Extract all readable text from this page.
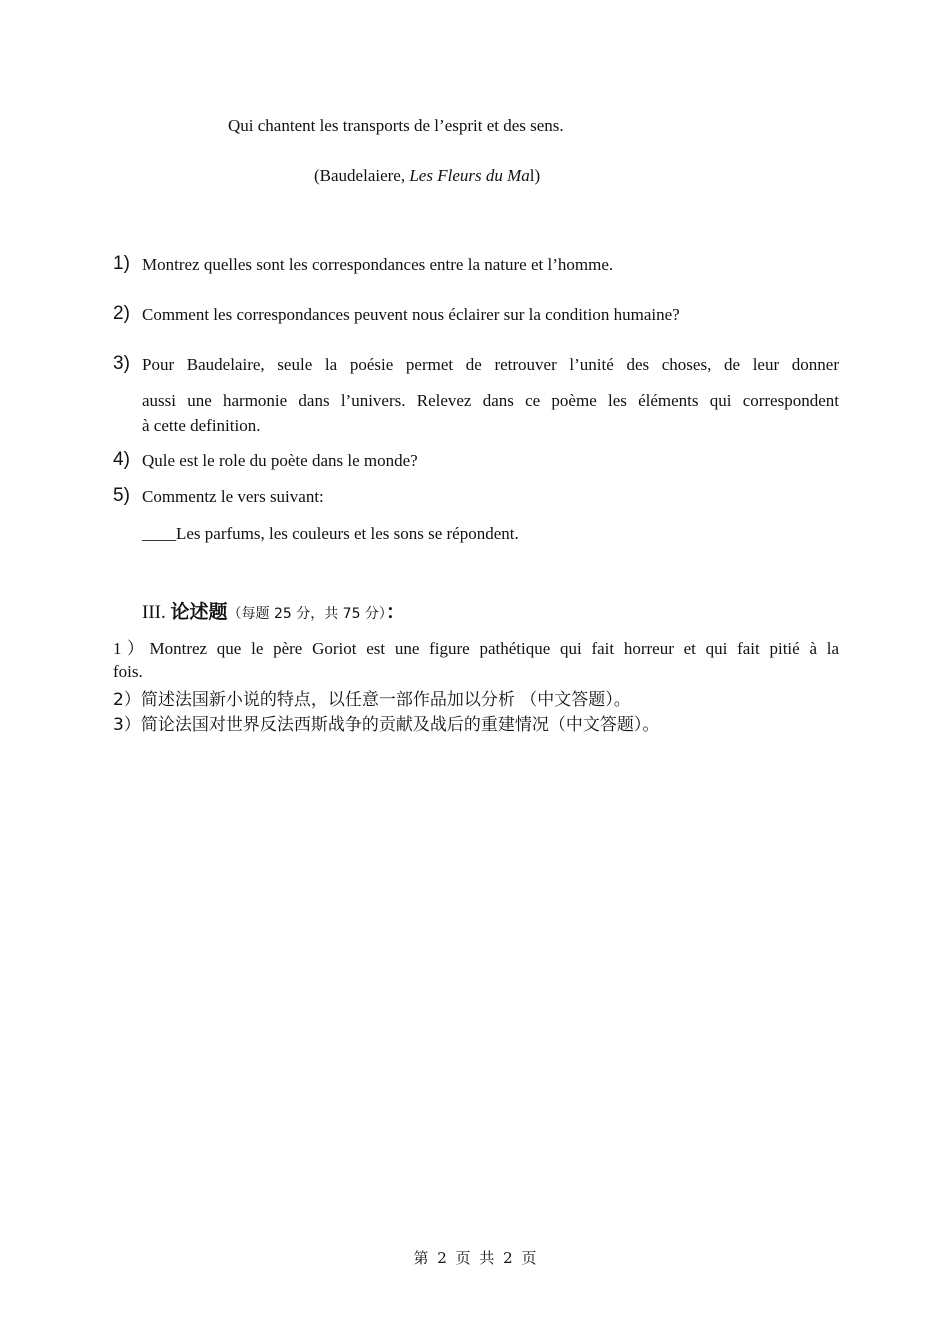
Qui chantent les transports de l’esprit et des sens.
(Baudelaiere, Les Fleurs du Mal)
1) Montrez quelles sont les correspondances entre la nature et l’homme.
2) Comment les correspondances peuvent nous éclairer sur la condition humaine?
3) Pour Baudelaire, seule la poésie permet de retrouver l’unité des choses, de leur donner
aussi une harmonie dans l’univers. Relevez dans ce poème les éléments qui correspondent
à cette definition.
4) Qule est le role du poète dans le monde?
5) Commentz le vers suivant:
____Les parfums, les couleurs et les sons se répondent.
III. 论述题（每题 25 分，共 75 分）：
1）Montrez que le père Goriot est une figure pathétique qui fait horreur et qui fait pitié à la
fois.
2）简述法国新小说的特点，以任意一部作品加以分析 （中文答题）。
3）简论法国对世界反法西斯战争的贡献及战后的重建情况（中文答题）。
第 2 页 共 2 页
